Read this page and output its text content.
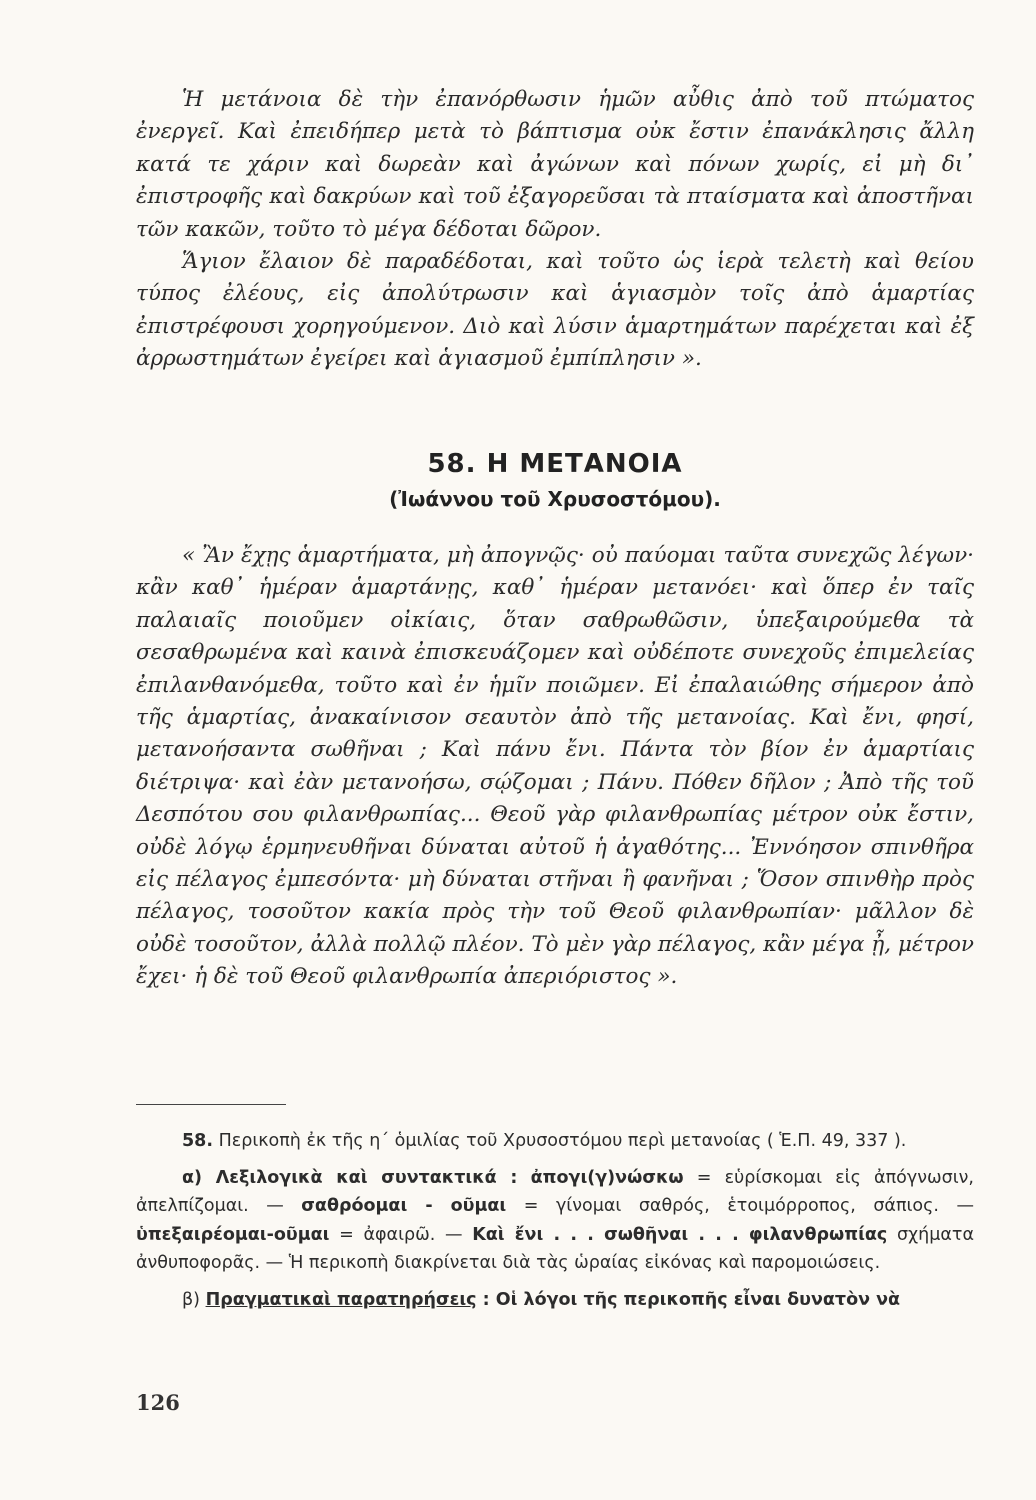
Ἡ μετάνοια δὲ τὴν ἐπανόρθωσιν ἡμῶν αὖθις ἀπὸ τοῦ πτώματος ἐνεργεῖ. Καὶ ἐπειδήπερ μετὰ τὸ βάπτισμα οὐκ ἔστιν ἐπανάκλησις ἄλλη κατά τε χάριν καὶ δωρεὰν καὶ ἀγώνων καὶ πόνων χωρίς, εἰ μὴ δι᾿ ἐπιστροφῆς καὶ δακρύων καὶ τοῦ ἐξαγορεῦσαι τὰ πταίσματα καὶ ἀποστῆναι τῶν κακῶν, τοῦτο τὸ μέγα δέδοται δῶρον.

Ἅγιον ἔλαιον δὲ παραδέδοται, καὶ τοῦτο ὡς ἱερὰ τελετὴ καὶ θείου τύπος ἐλέους, εἰς ἀπολύτρωσιν καὶ ἁγιασμὸν τοῖς ἀπὸ ἁμαρτίας ἐπιστρέφουσι χορηγούμενον. Διὸ καὶ λύσιν ἁμαρτημάτων παρέχεται καὶ ἐξ ἀρρωστημάτων ἐγείρει καὶ ἁγιασμοῦ ἐμπίπλησιν ».

58. Η ΜΕΤΑΝΟΙΑ
(Ἰωάννου τοῦ Χρυσοστόμου).

« Ἂν ἔχῃς ἁμαρτήματα, μὴ ἀπογνῷς· οὐ παύομαι ταῦτα συνεχῶς λέγων· κἂν καθ᾿ ἡμέραν ἁμαρτάνῃς, καθ᾿ ἡμέραν μετανόει· καὶ ὅπερ ἐν ταῖς παλαιαῖς ποιοῦμεν οἰκίαις, ὅταν σαθρωθῶσιν, ὑπεξαιρούμεθα τὰ σεσαθρωμένα καὶ καινὰ ἐπισκευάζομεν καὶ οὐδέποτε συνεχοῦς ἐπιμελείας ἐπιλανθανόμεθα, τοῦτο καὶ ἐν ἡμῖν ποιῶμεν. Εἰ ἐπαλαιώθης σήμερον ἀπὸ τῆς ἁμαρτίας, ἀνακαίνισον σεαυτὸν ἀπὸ τῆς μετανοίας. Καὶ ἔνι, φησί, μετανοήσαντα σωθῆναι ; Καὶ πάνυ ἔνι. Πάντα τὸν βίον ἐν ἁμαρτίαις διέτριψα· καὶ ἐὰν μετανοήσω, σῴζομαι ; Πάνυ. Πόθεν δῆλον ; Ἀπὸ τῆς τοῦ Δεσπότου σου φιλανθρωπίας... Θεοῦ γὰρ φιλανθρωπίας μέτρον οὐκ ἔστιν, οὐδὲ λόγῳ ἑρμηνευθῆναι δύναται αὐτοῦ ἡ ἀγαθότης... Ἐννόησον σπινθῆρα εἰς πέλαγος ἐμπεσόντα· μὴ δύναται στῆναι ἢ φανῆναι ; Ὅσον σπινθὴρ πρὸς πέλαγος, τοσοῦτον κακία πρὸς τὴν τοῦ Θεοῦ φιλανθρωπίαν· μᾶλλον δὲ οὐδὲ τοσοῦτον, ἀλλὰ πολλῷ πλέον. Τὸ μὲν γὰρ πέλαγος, κἂν μέγα ᾖ, μέτρον ἔχει· ἡ δὲ τοῦ Θεοῦ φιλανθρωπία ἀπεριόριστος ».

58. Περικοπὴ ἐκ τῆς η΄ ὁμιλίας τοῦ Χρυσοστόμου περὶ μετανοίας ( Ἑ.Π. 49, 337 ).

α) Λεξιλογικὰ καὶ συντακτικά : ἀπογι(γ)νώσκω = εὑρίσκομαι εἰς ἀπόγνωσιν, ἀπελπίζομαι. — σαθρόομαι - οῦμαι = γίνομαι σαθρός, ἑτοιμόρροπος, σάπιος. — ὑπεξαιρέομαι-οῦμαι = ἀφαιρῶ. — Καὶ ἔνι . . . σωθῆναι . . . φιλανθρωπίας σχήματα ἀνθυποφορᾶς. — Ἡ περικοπὴ διακρίνεται διὰ τὰς ὡραίας εἰκόνας καὶ παρομοιώσεις.

β) Πραγματικαὶ παρατηρήσεις : Οἱ λόγοι τῆς περικοπῆς εἶναι δυνατὸν νὰ

126
